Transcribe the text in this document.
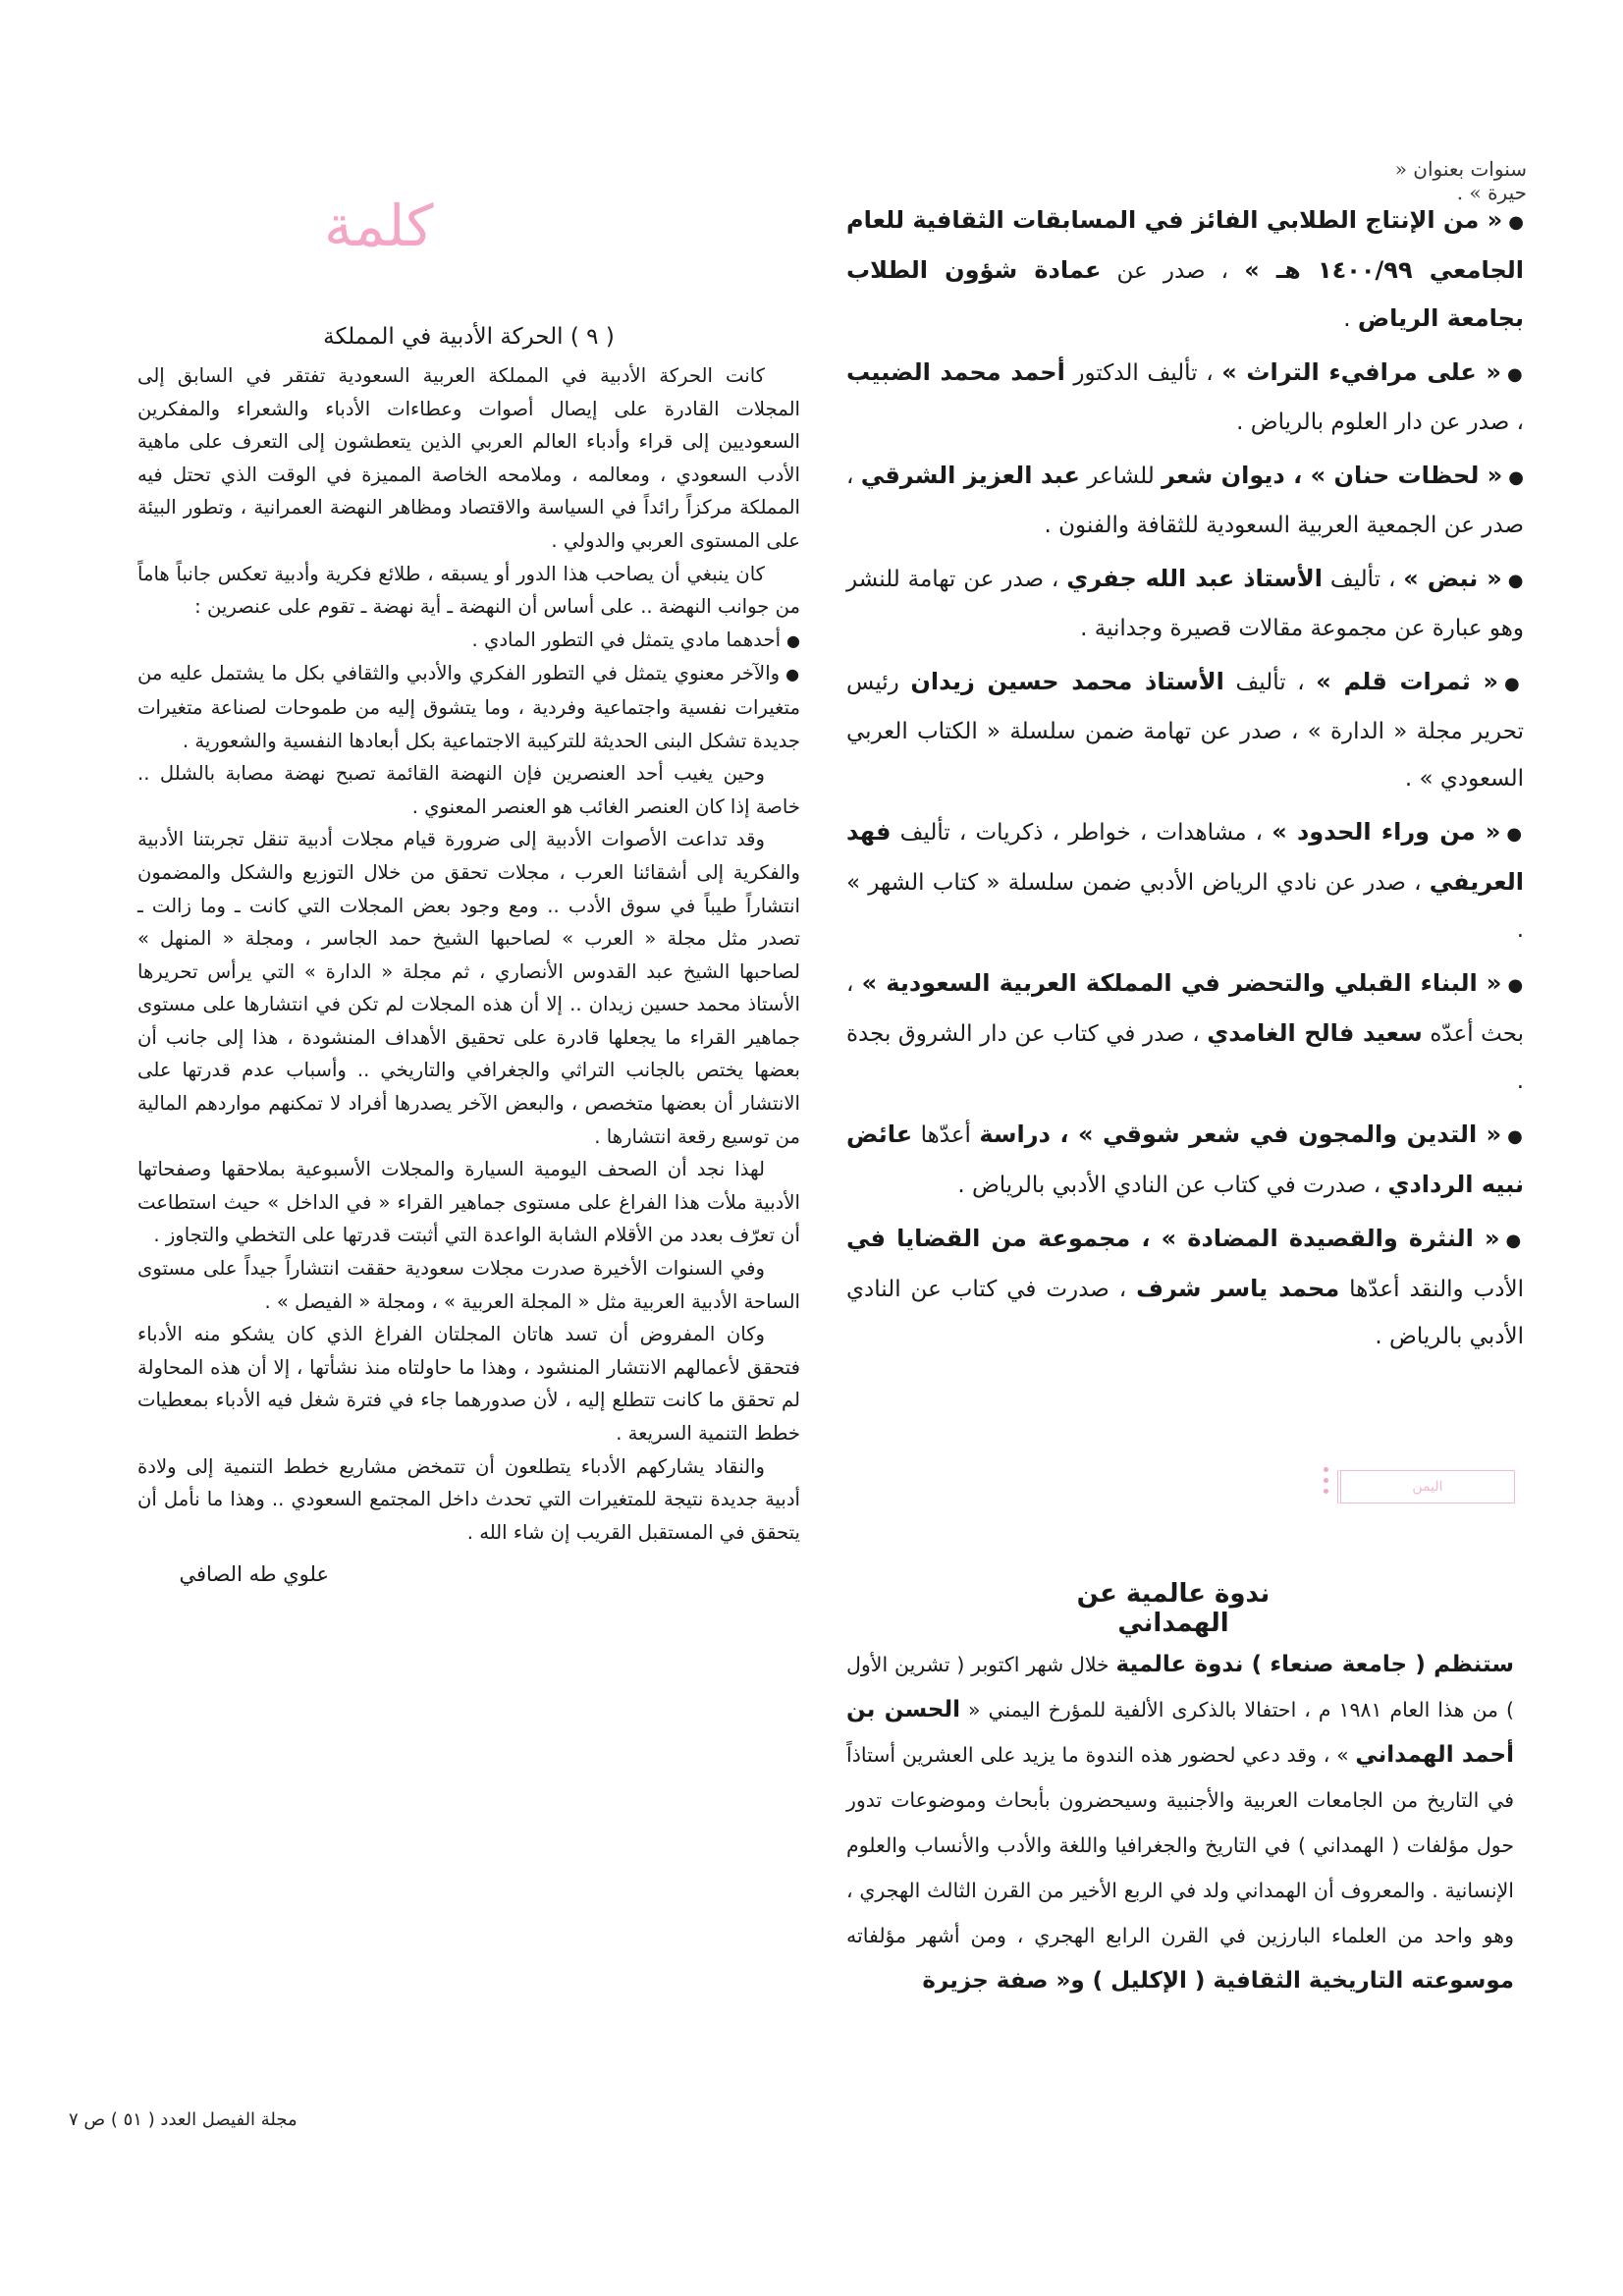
سنوات بعنوان « حيرة » .

●« من الإنتاج الطلابي الفائز في المسابقات الثقافية للعام الجامعي ١٤٠٠/٩٩ هـ » ، صدر عن عمادة شؤون الطلاب بجامعة الرياض .

●« على مرافيء التراث » ، تأليف الدكتور أحمد محمد الضبيب ، صدر عن دار العلوم بالرياض .

●« لحظات حنان » ، ديوان شعر للشاعر عبد العزيز الشرقي ، صدر عن الجمعية العربية السعودية للثقافة والفنون .

●« نبض » ، تأليف الأستاذ عبد الله جفري ، صدر عن تهامة للنشر وهو عبارة عن مجموعة مقالات قصيرة وجدانية .

●« ثمرات قلم » ، تأليف الأستاذ محمد حسين زيدان رئيس تحرير مجلة « الدارة » ، صدر عن تهامة ضمن سلسلة « الكتاب العربي السعودي » .

●« من وراء الحدود » ، مشاهدات ، خواطر ، ذكريات ، تأليف فهد العريفي ، صدر عن نادي الرياض الأدبي ضمن سلسلة « كتاب الشهر » .

●« البناء القبلي والتحضر في المملكة العربية السعودية » ، بحث أعدّه سعيد فالح الغامدي ، صدر في كتاب عن دار الشروق بجدة .

●« التدين والمجون في شعر شوقي » ، دراسة أعدّها عائض نبيه الردادي ، صدرت في كتاب عن النادي الأدبي بالرياض .

●« النثرة والقصيدة المضادة » ، مجموعة من القضايا في الأدب والنقد أعدّها محمد ياسر شرف ، صدرت في كتاب عن النادي الأدبي بالرياض .

كلمة
( ٩ ) الحركة الأدبية في المملكة

كانت الحركة الأدبية في المملكة العربية السعودية تفتقر في السابق إلى المجلات القادرة على إيصال أصوات وعطاءات الأدباء والشعراء والمفكرين السعوديين إلى قراء وأدباء العالم العربي الذين يتعطشون إلى التعرف على ماهية الأدب السعودي ، ومعالمه ، وملامحه الخاصة المميزة في الوقت الذي تحتل فيه المملكة مركزاً رائداً في السياسة والاقتصاد ومظاهر النهضة العمرانية ، وتطور البيئة على المستوى العربي والدولي .

كان ينبغي أن يصاحب هذا الدور أو يسبقه ، طلائع فكرية وأدبية تعكس جانباً هاماً من جوانب النهضة .. على أساس أن النهضة ـ أية نهضة ـ تقوم على عنصرين :

●أحدهما مادي يتمثل في التطور المادي .

●والآخر معنوي يتمثل في التطور الفكري والأدبي والثقافي بكل ما يشتمل عليه من متغيرات نفسية واجتماعية وفردية ، وما يتشوق إليه من طموحات لصناعة متغيرات جديدة تشكل البنى الحديثة للتركيبة الاجتماعية بكل أبعادها النفسية والشعورية .

وحين يغيب أحد العنصرين فإن النهضة القائمة تصبح نهضة مصابة بالشلل .. خاصة إذا كان العنصر الغائب هو العنصر المعنوي .

وقد تداعت الأصوات الأدبية إلى ضرورة قيام مجلات أدبية تنقل تجربتنا الأدبية والفكرية إلى أشقائنا العرب ، مجلات تحقق من خلال التوزيع والشكل والمضمون انتشاراً طيباً في سوق الأدب .. ومع وجود بعض المجلات التي كانت ـ وما زالت ـ تصدر مثل مجلة « العرب » لصاحبها الشيخ حمد الجاسر ، ومجلة « المنهل » لصاحبها الشيخ عبد القدوس الأنصاري ، ثم مجلة « الدارة » التي يرأس تحريرها الأستاذ محمد حسين زيدان .. إلا أن هذه المجلات لم تكن في انتشارها على مستوى جماهير القراء ما يجعلها قادرة على تحقيق الأهداف المنشودة ، هذا إلى جانب أن بعضها يختص بالجانب التراثي والجغرافي والتاريخي .. وأسباب عدم قدرتها على الانتشار أن بعضها متخصص ، والبعض الآخر يصدرها أفراد لا تمكنهم مواردهم المالية من توسيع رقعة انتشارها .

لهذا نجد أن الصحف اليومية السيارة والمجلات الأسبوعية بملاحقها وصفحاتها الأدبية ملأت هذا الفراغ على مستوى جماهير القراء « في الداخل » حيث استطاعت أن تعرّف بعدد من الأقلام الشابة الواعدة التي أثبتت قدرتها على التخطي والتجاوز .

وفي السنوات الأخيرة صدرت مجلات سعودية حققت انتشاراً جيداً على مستوى الساحة الأدبية العربية مثل « المجلة العربية » ، ومجلة « الفيصل » .

وكان المفروض أن تسد هاتان المجلتان الفراغ الذي كان يشكو منه الأدباء فتحقق لأعمالهم الانتشار المنشود ، وهذا ما حاولتاه منذ نشأتها ، إلا أن هذه المحاولة لم تحقق ما كانت تتطلع إليه ، لأن صدورهما جاء في فترة شغل فيه الأدباء بمعطيات خطط التنمية السريعة .

والنقاد يشاركهم الأدباء يتطلعون أن تتمخض مشاريع خطط التنمية إلى ولادة أدبية جديدة نتيجة للمتغيرات التي تحدث داخل المجتمع السعودي .. وهذا ما نأمل أن يتحقق في المستقبل القريب إن شاء الله .

علوي طه الصافي
اليمن
ندوة عالمية عن الهمداني

ستنظم ( جامعة صنعاء ) ندوة عالمية خلال شهر اكتوبر ( تشرين الأول ) من هذا العام ١٩٨١ م ، احتفالا بالذكرى الألفية للمؤرخ اليمني « الحسن بن أحمد الهمداني » ، وقد دعي لحضور هذه الندوة ما يزيد على العشرين أستاذاً في التاريخ من الجامعات العربية والأجنبية وسيحضرون بأبحاث وموضوعات تدور حول مؤلفات ( الهمداني ) في التاريخ والجغرافيا واللغة والأدب والأنساب والعلوم الإنسانية . والمعروف أن الهمداني ولد في الربع الأخير من القرن الثالث الهجري ، وهو واحد من العلماء البارزين في القرن الرابع الهجري ، ومن أشهر مؤلفاته موسوعته التاريخية الثقافية ( الإكليل ) و« صفة جزيرة

مجلة الفيصل العدد ( ٥١ ) ص ٧
